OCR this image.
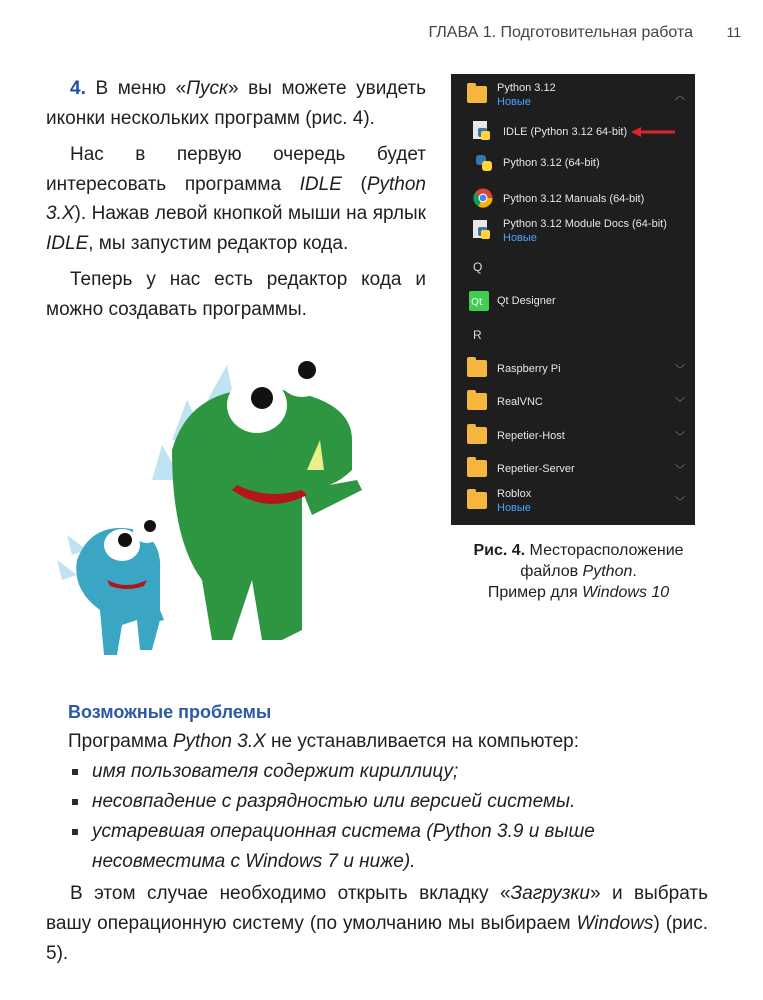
ГЛАВА 1. Подготовительная работа 11

4. В меню «Пуск» вы можете увидеть иконки нескольких программ (рис. 4).

Нас в первую очередь будет интересовать программа IDLE (Python 3.X). Нажав левой кнопкой мыши на ярлык IDLE, мы запустим редактор кода.

Теперь у нас есть редактор кода и можно создавать программы.

Python 3.12
Новые	︿
IDLE (Python 3.12 64-bit)
Python 3.12 (64-bit)
Python 3.12 Manuals (64-bit)
Python 3.12 Module Docs (64-bit)
Новые
Q
Qt Qt Designer
R
Raspberry Pi	﹀
RealVNC	﹀
Repetier-Host	﹀
Repetier-Server	﹀
Roblox
Новые	﹀
Рис. 4. Месторасположение файлов Python.
Пример для Windows 10
Возможные проблемы

Программа Python 3.X не устанавливается на компьютер:

имя пользователя содержит кириллицу;
несовпадение с разрядностью или версией системы.
устаревшая операционная система (Python 3.9 и выше несовместима с Windows 7 и ниже).

В этом случае необходимо открыть вкладку «Загрузки» и выбрать вашу операционную систему (по умолчанию мы выбираем Windows) (рис. 5).
